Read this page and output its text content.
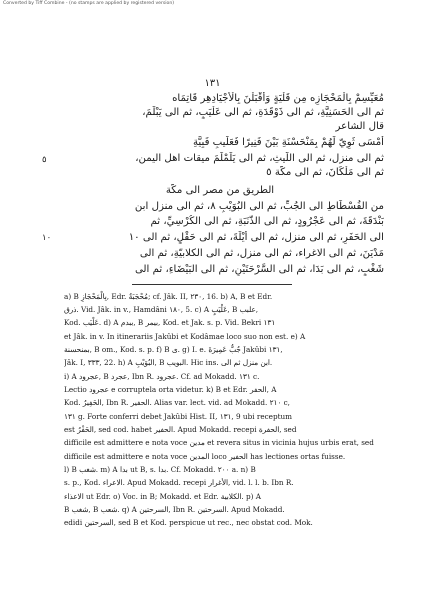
Converted by Tiff Combine - (no stamps are applied by registered version)
١٣١
مُعَيِّسِمْ بِالْمَحْجَازِه مِن قَلْيَةٍ وَأَقْبَلْنَ بِالْأَجْيَادِهِر قَاتِمَاه
ثم الى الحَسَنِيَّةِ، ثم الى ذَوْقَدَةِ، ثم الى عَلْيَبٍ، ثم الى يَبْلَمَ،
قال الشاعر
أَمْسَى ثَوِيّ لَهُمْ بِمَنْحَسْنَةِ بَيْنَ فَنِيرًا فَعَلَيبِ فَبِيَّةِ
ثم الى منزل، ثم الى اللَّيثِ، ثم الى يَلَمْلَمَ ميقات اهل اليمن،
ثم الى مَلْكَانَ، ثم الى مكّة ٥
٥
الطريق من مصر الى مكّة
من الفُسْطَاطِ الى الجُبِّ، ثم الى البُوَيْبِ ٨، ثم الى منزل ابن
بَنْدَقَةَ، ثم الى عَجْرُودٍ، ثم الى الذَّنَبَةِ، ثم الى الكُرْسِيِّ، ثم
الى الحَفَرِ، ثم الى منزل، ثم الى أَيْلَةَ، ثم الى حَقْلٍ، ثم الى ١٠
مَدْيَنَ، ثم الى الاغراء، ثم الى منزل، ثم الى الكلابيّةِ، ثم الى
شَغْبٍ، ثم الى بَدَا، ثم الى السَّرْحَتَيْنِ، ثم الى البَيْضَاءِ، ثم الى
١٠
a) B بِالْمَحْجَازِ, Edr. مُحْجَبَةٌ; cf. Jâk. II, ٢٣٠, 16. b) A, B et Edr.
ذرق. Vid. Jâk. in v., Hamdâni ١٨٠, 5. c) A عَلْيَبٍ, B علبب,
Kod. عَلْيَب. d) A ببدم, B بيمر, Kod. et Jak. s. p. Vid. Bekri ١٣١
et Jâk. in v. In itinerariis Jakûbi et Kodâmae loco suo non est. e) A
بمنحسنة, B om., Kod. s. p. f) B ى. g) I. e. جُبُّ عَمِيرَةَ Jakûbi ١٣١,
Jâk. I, ٣٣٣, 22. h) A البُوَيْبِ, B البويب. Hic ins. ابن منزل ثم الى.
i) A عجرود, B عجرد, Ibn R. عجرود. Cf. ad Mokadd. ١٣١ c.
Lectio عجرود e corruptela orta videtur. k) B et Edr. الحفر, A
Kod. الحَفِيرُ, Ibn R. الحفير. Alias var. lect. vid. ad Mokadd. ٢١٠ c,
١٣١ g. Forte conferri debet Jakûbi Hist. II, ١٣١, 9 ubi receptum
est الحَفْرُ, sed cod. habet الحفير. Apud Mokadd. recepi الحفرة, sed
difficile est admittere e nota voce مدين et revera situs in vicinia hujus urbis erat, sed
difficile est admittere e nota voce المدين loco الحفير has lectiones ortas fuisse.
l) B شغب. m) A بدا ut B, s. بدا. Cf. Mokadd. ٢٠٠ a. n) B
s. p., Kod. الاعراء. Apud Mokadd. recepi الأغرار, vid. l. l. b. Ibn R.
الاعذاء ut Edr. o) Voc. in B; Mokadd. et Edr. الكلابية. p) A
B شغب, B شعب. q) A السرحتين, Ibn R. السرحتين. Apud Mokadd.
edidi السرحتين, sed B et Kod. perspicue ut rec., nec obstat cod. Mok.
